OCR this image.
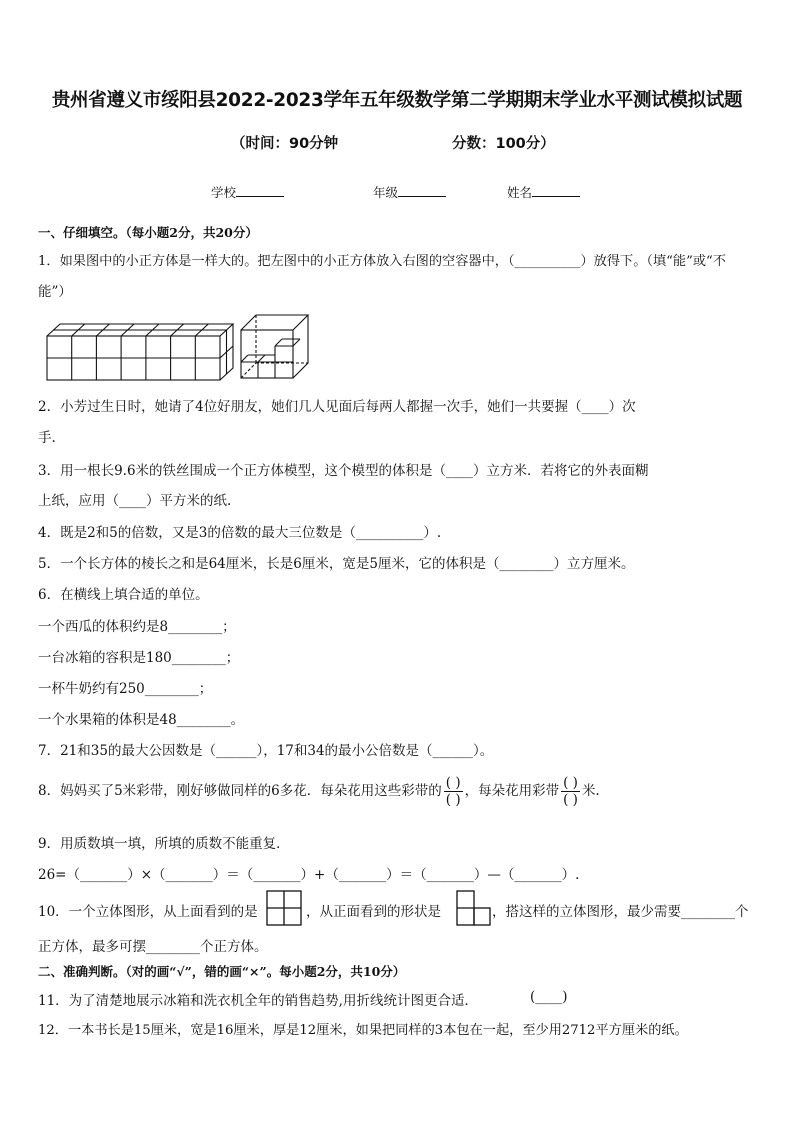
贵州省遵义市绥阳县2022-2023学年五年级数学第二学期期末学业水平测试模拟试题
（时间：90分钟	分数：100分）
学校	年级	姓名
一、仔细填空。（每小题2分，共20分）
1．如果图中的小正方体是一样大的。把左图中的小正方体放入右图的空容器中，（__________）放得下。（填“能”或“不
能”）
2．小芳过生日时，她请了4位好朋友，她们几人见面后每两人都握一次手，她们一共要握（____）次
手.
3．用一根长9.6米的铁丝围成一个正方体模型，这个模型的体积是（____）立方米．若将它的外表面糊
上纸，应用（____）平方米的纸.
4．既是2和5的倍数，又是3的倍数的最大三位数是（__________）.
5．一个长方体的棱长之和是64厘米，长是6厘米，宽是5厘米，它的体积是（________）立方厘米。
6．在横线上填合适的单位。
一个西瓜的体积约是8________；
一台冰箱的容积是180________；
一杯牛奶约有250________；
一个水果箱的体积是48________。
7．21和35的最大公因数是（______），17和34的最小公倍数是（______）。
8．妈妈买了5米彩带，刚好够做同样的6多花．每朵花用这些彩带的 $\frac{( )}{( )}$ ，每朵花用彩带 $\frac{( )}{( )}$ 米.
9．用质数填一填，所填的质数不能重复．
26=（_______）×（_______）＝（_______）+（_______）＝（_______）—（_______）.
10．一个立体图形，从上面看到的是	，从正面看到的形状是	，搭这样的立体图形，最少需要________个
正方体，最多可摆________个正方体。
二、准确判断。（对的画“√”，错的画“×”。每小题2分，共10分）
11．为了清楚地展示冰箱和洗衣机全年的销售趋势,用折线统计图更合适．	(____)
12．一本书长是15厘米，宽是16厘米，厚是12厘米，如果把同样的3本包在一起，至少用2712平方厘米的纸。
